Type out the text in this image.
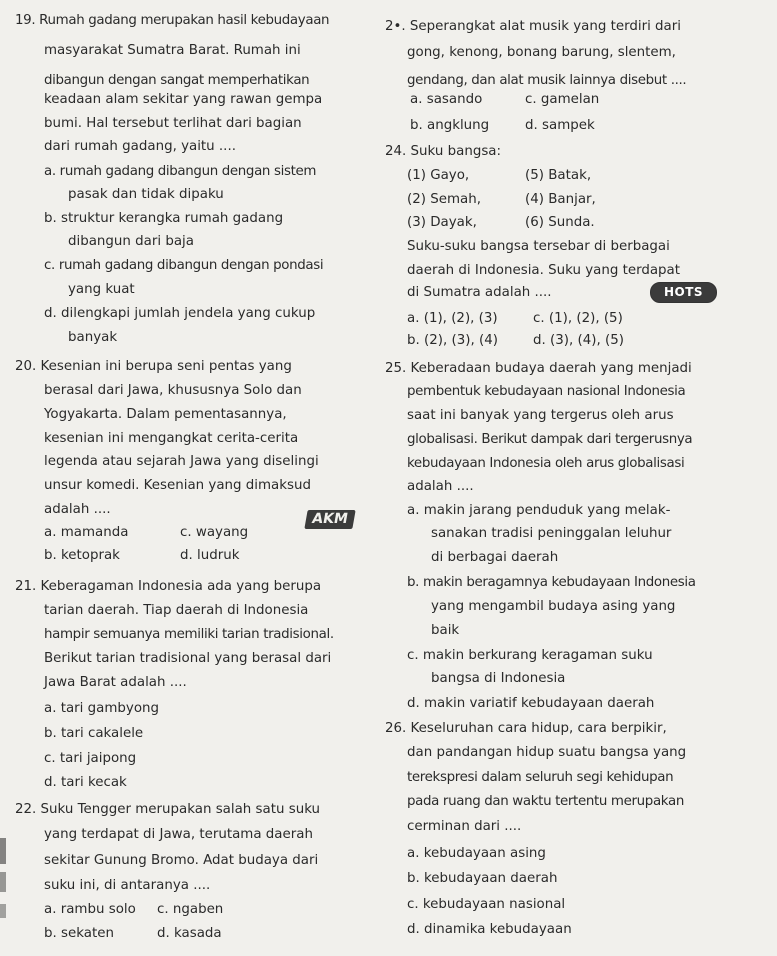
19. Rumah gadang merupakan hasil kebudayaan
masyarakat Sumatra Barat. Rumah ini
dibangun dengan sangat memperhatikan
keadaan alam sekitar yang rawan gempa
bumi. Hal tersebut terlihat dari bagian
dari rumah gadang, yaitu ....
a. rumah gadang dibangun dengan sistem
pasak dan tidak dipaku
b. struktur kerangka rumah gadang
dibangun dari baja
c. rumah gadang dibangun dengan pondasi
yang kuat
d. dilengkapi jumlah jendela yang cukup
banyak
20. Kesenian ini berupa seni pentas yang
berasal dari Jawa, khususnya Solo dan
Yogyakarta. Dalam pementasannya,
kesenian ini mengangkat cerita-cerita
legenda atau sejarah Jawa yang diselingi
unsur komedi. Kesenian yang dimaksud
adalah ....
a. mamanda	c. wayang
b. ketoprak	d. ludruk
21. Keberagaman Indonesia ada yang berupa
tarian daerah. Tiap daerah di Indonesia
hampir semuanya memiliki tarian tradisional.
Berikut tarian tradisional yang berasal dari
Jawa Barat adalah ....
a. tari gambyong
b. tari cakalele
c. tari jaipong
d. tari kecak
22. Suku Tengger merupakan salah satu suku
yang terdapat di Jawa, terutama daerah
sekitar Gunung Bromo. Adat budaya dari
suku ini, di antaranya ....
a. rambu solo c. ngaben
b. sekaten	d. kasada
2•. Seperangkat alat musik yang terdiri dari
gong, kenong, bonang barung, slentem,
gendang, dan alat musik lainnya disebut ....
a. sasando	c. gamelan
b. angklung	d. sampek
24. Suku bangsa:
(1) Gayo,	(5) Batak,
(2) Semah,	(4) Banjar,
(3) Dayak,	(6) Sunda.
Suku-suku bangsa tersebar di berbagai
daerah di Indonesia. Suku yang terdapat
di Sumatra adalah ....
a. (1), (2), (3)	c. (1), (2), (5)
b. (2), (3), (4)	d. (3), (4), (5)
25. Keberadaan budaya daerah yang menjadi
pembentuk kebudayaan nasional Indonesia
saat ini banyak yang tergerus oleh arus
globalisasi. Berikut dampak dari tergerusnya
kebudayaan Indonesia oleh arus globalisasi
adalah ....
a. makin jarang penduduk yang melak-
sanakan tradisi peninggalan leluhur
di berbagai daerah
b. makin beragamnya kebudayaan Indonesia
yang mengambil budaya asing yang
baik
c. makin berkurang keragaman suku
bangsa di Indonesia
d. makin variatif kebudayaan daerah
26. Keseluruhan cara hidup, cara berpikir,
dan pandangan hidup suatu bangsa yang
terekspresi dalam seluruh segi kehidupan
pada ruang dan waktu tertentu merupakan
cerminan dari ....
a. kebudayaan asing
b. kebudayaan daerah
c. kebudayaan nasional
d. dinamika kebudayaan
AKM
HOTS
